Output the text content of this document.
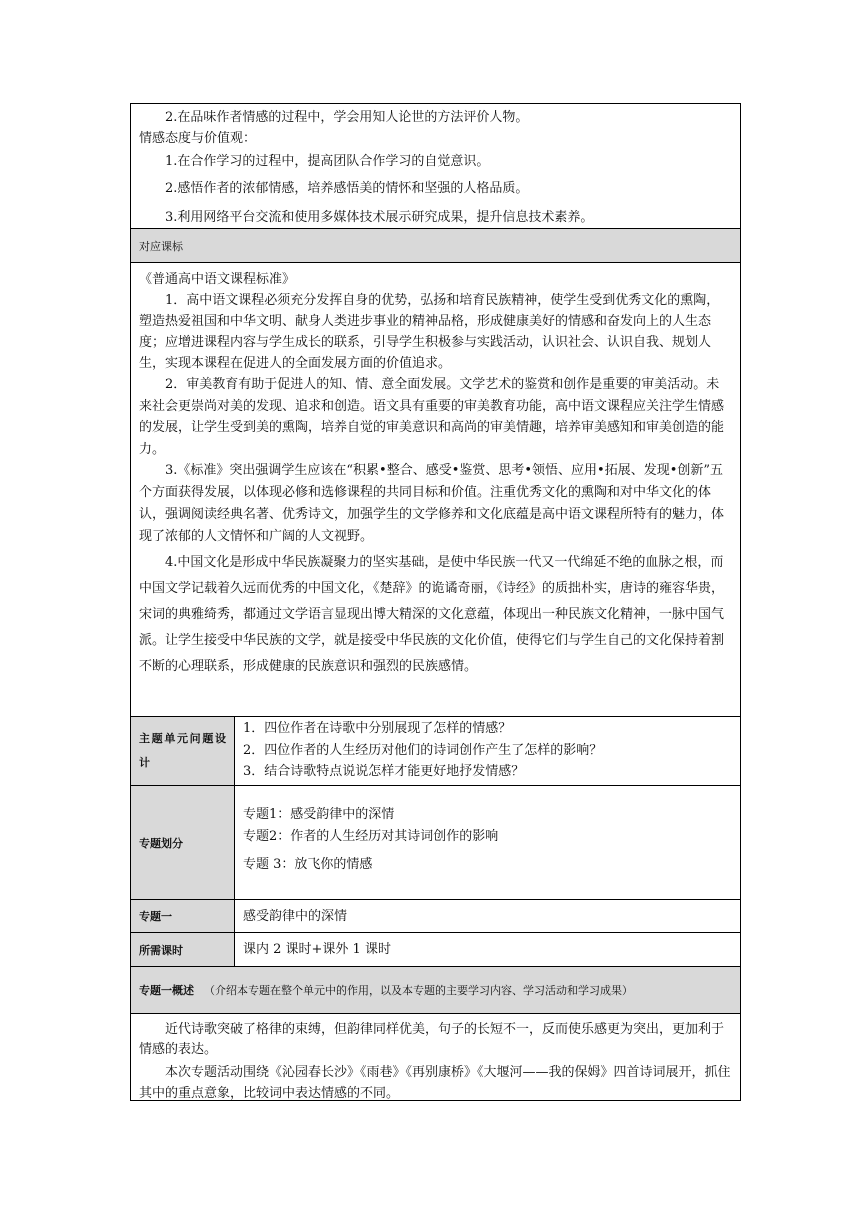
2.在品味作者情感的过程中，学会用知人论世的方法评价人物。

情感态度与价值观：

1.在合作学习的过程中，提高团队合作学习的自觉意识。

2.感悟作者的浓郁情感，培养感悟美的情怀和坚强的人格品质。

3.利用网络平台交流和使用多媒体技术展示研究成果，提升信息技术素养。

对应课标

《普通高中语文课程标准》

1．高中语文课程必须充分发挥自身的优势，弘扬和培育民族精神，使学生受到优秀文化的熏陶，塑造热爱祖国和中华文明、献身人类进步事业的精神品格，形成健康美好的情感和奋发向上的人生态度；应增进课程内容与学生成长的联系，引导学生积极参与实践活动，认识社会、认识自我、规划人生，实现本课程在促进人的全面发展方面的价值追求。

2．审美教育有助于促进人的知、情、意全面发展。文学艺术的鉴赏和创作是重要的审美活动。未来社会更崇尚对美的发现、追求和创造。语文具有重要的审美教育功能，高中语文课程应关注学生情感的发展，让学生受到美的熏陶，培养自觉的审美意识和高尚的审美情趣，培养审美感知和审美创造的能力。

3.《标准》突出强调学生应该在“积累•整合、感受•鉴赏、思考•领悟、应用•拓展、发现•创新”五个方面获得发展，以体现必修和选修课程的共同目标和价值。注重优秀文化的熏陶和对中华文化的体认，强调阅读经典名著、优秀诗文，加强学生的文学修养和文化底蕴是高中语文课程所特有的魅力，体现了浓郁的人文情怀和广阔的人文视野。

4.中国文化是形成中华民族凝聚力的坚实基础，是使中华民族一代又一代绵延不绝的血脉之根，而中国文学记载着久远而优秀的中国文化，《楚辞》的诡谲奇丽，《诗经》的质拙朴实，唐诗的雍容华贵，宋词的典雅绮秀，都通过文学语言显现出博大精深的文化意蕴，体现出一种民族文化精神，一脉中国气派。让学生接受中华民族的文学，就是接受中华民族的文化价值，使得它们与学生自己的文化保持着割不断的心理联系，形成健康的民族意识和强烈的民族感情。

主题单元问题设计
1．四位作者在诗歌中分别展现了怎样的情感？
2．四位作者的人生经历对他们的诗词创作产生了怎样的影响？
3．结合诗歌特点说说怎样才能更好地抒发情感？
专题划分
专题1：感受韵律中的深情
专题2：作者的人生经历对其诗词创作的影响
专题 3：放飞你的情感
专题一	感受韵律中的深情
所需课时	课内 2 课时+课外 1 课时
专题一概述 （介绍本专题在整个单元中的作用，以及本专题的主要学习内容、学习活动和学习成果）

近代诗歌突破了格律的束缚，但韵律同样优美，句子的长短不一，反而使乐感更为突出，更加利于情感的表达。

本次专题活动围绕《沁园春长沙》《雨巷》《再别康桥》《大堰河——我的保姆》四首诗词展开，抓住其中的重点意象，比较词中表达情感的不同。
